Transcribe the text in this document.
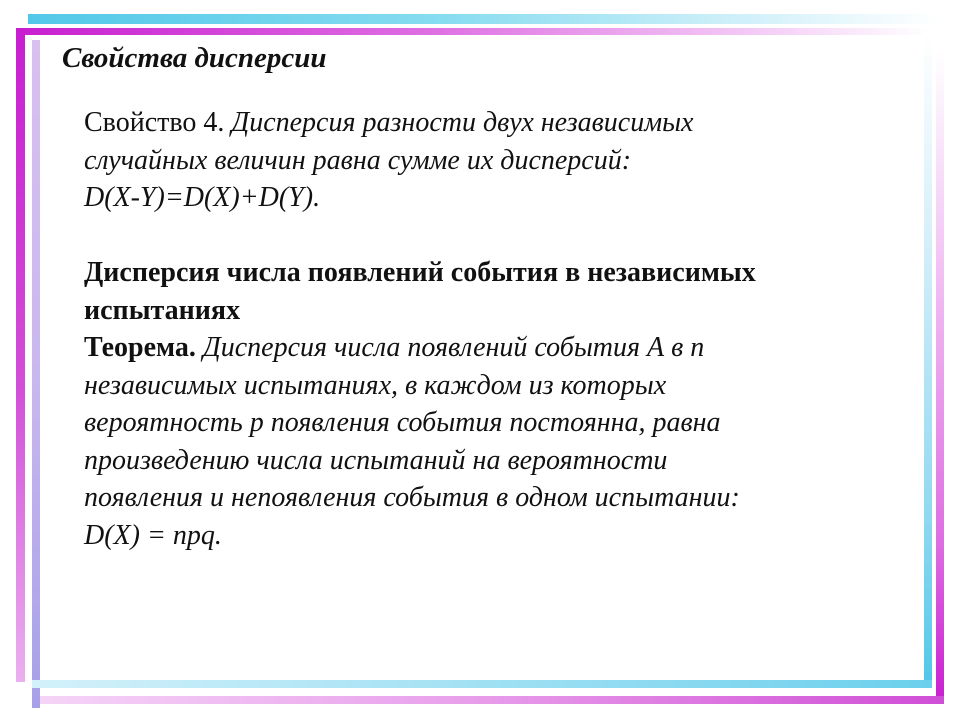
Свойства дисперсии
Свойство 4. Дисперсия разности двух независимых
случайных величин равна сумме их дисперсий:
D(X-Y)=D(X)+D(Y).
Дисперсия числа появлений события в независимых
испытаниях
Теорема. Дисперсия числа появлений события А в n
независимых испытаниях, в каждом из которых
вероятность р появления события постоянна, равна
произведению числа испытаний на вероятности
появления и непоявления события в одном испытании:
D(X) = npq.
